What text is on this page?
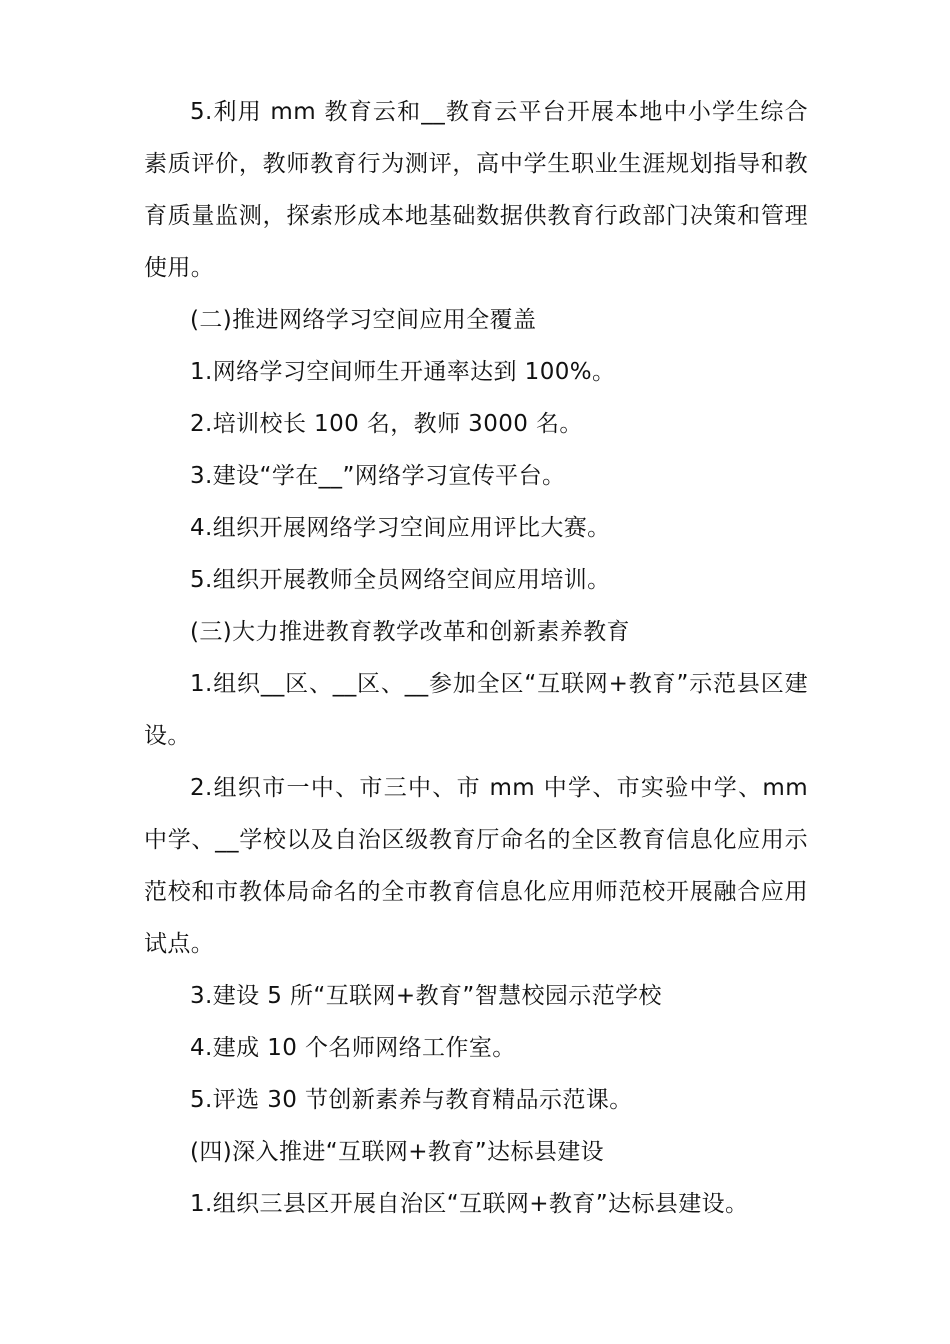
5.利用 mm 教育云和__教育云平台开展本地中小学生综合素质评价，教师教育行为测评，高中学生职业生涯规划指导和教育质量监测，探索形成本地基础数据供教育行政部门决策和管理使用。

(二)推进网络学习空间应用全覆盖

1.网络学习空间师生开通率达到 100%。

2.培训校长 100 名，教师 3000 名。

3.建设“学在__”网络学习宣传平台。

4.组织开展网络学习空间应用评比大赛。

5.组织开展教师全员网络空间应用培训。

(三)大力推进教育教学改革和创新素养教育

1.组织__区、__区、__参加全区“互联网+教育”示范县区建设。

2.组织市一中、市三中、市 mm 中学、市实验中学、mm 中学、__学校以及自治区级教育厅命名的全区教育信息化应用示范校和市教体局命名的全市教育信息化应用师范校开展融合应用试点。

3.建设 5 所“互联网+教育”智慧校园示范学校

4.建成 10 个名师网络工作室。

5.评选 30 节创新素养与教育精品示范课。

(四)深入推进“互联网+教育”达标县建设

1.组织三县区开展自治区“互联网+教育”达标县建设。
